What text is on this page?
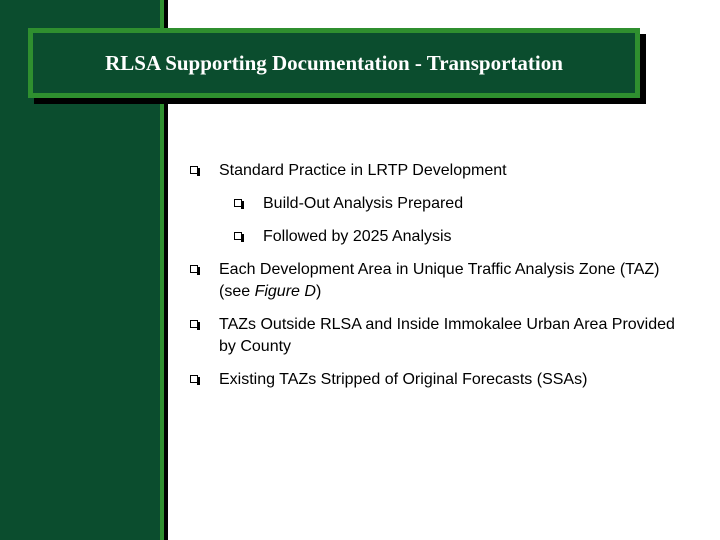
RLSA Supporting Documentation - Transportation
Standard Practice in LRTP Development
Build-Out Analysis Prepared
Followed by 2025 Analysis
Each Development Area in Unique Traffic Analysis Zone (TAZ) (see Figure D)
TAZs Outside RLSA and Inside Immokalee Urban Area Provided by County
Existing TAZs Stripped of Original Forecasts (SSAs)
